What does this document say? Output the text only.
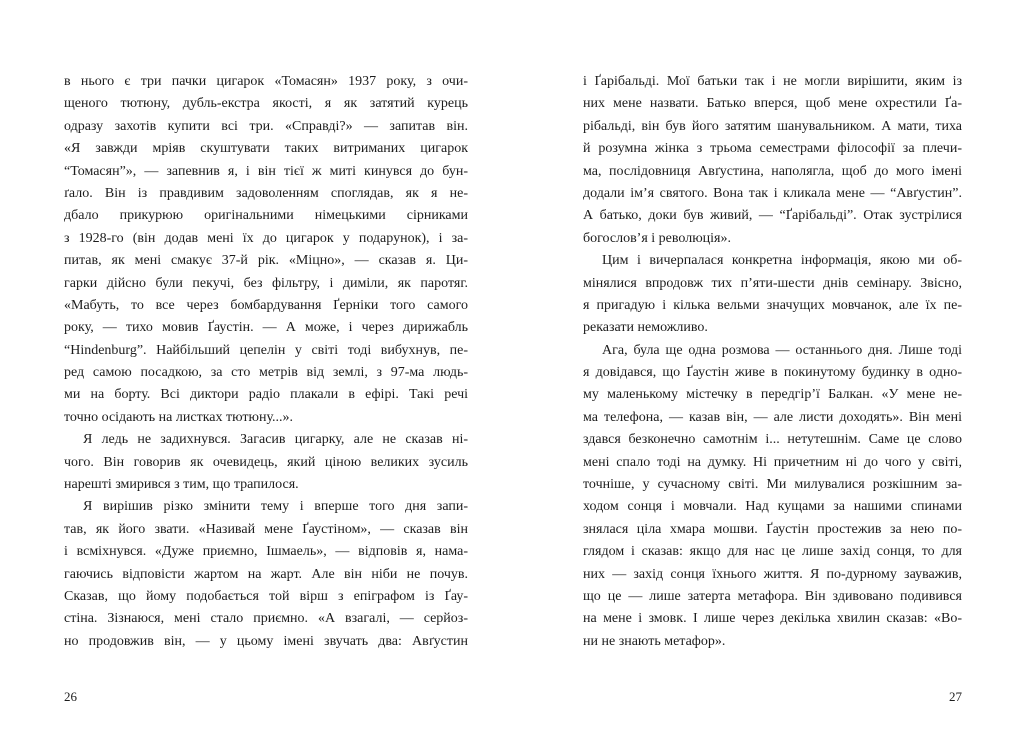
в нього є три пачки цигарок «Томасян» 1937 року, з очи-
щеного тютюну, дубль-екстра якості, я як затятий курець
одразу захотів купити всі три. «Справді?» — запитав він.
«Я завжди мріяв скуштувати таких витриманих цигарок
“Томасян”», — запевнив я, і він тієї ж миті кинувся до бун-
ґало. Він із правдивим задоволенням споглядав, як я не-
дбало прикурюю оригінальними німецькими сірниками
з 1928-го (він додав мені їх до цигарок у подарунок), і за-
питав, як мені смакує 37-й рік. «Міцно», — сказав я. Ци-
гарки дійсно були пекучі, без фільтру, і диміли, як паротяг.
«Мабуть, то все через бомбардування Ґерніки того самого
року, — тихо мовив Ґаустін. — А може, і через дирижабль
“Hindenburg”. Найбільший цепелін у світі тоді вибухнув, пе-
ред самою посадкою, за сто метрів від землі, з 97-ма людь-
ми на борту. Всі диктори радіо плакали в ефірі. Такі речі
точно осідають на листках тютюну...».
Я ледь не задихнувся. Загасив цигарку, але не сказав ні-
чого. Він говорив як очевидець, який ціною великих зусиль
нарешті змирився з тим, що трапилося.
Я вирішив різко змінити тему і вперше того дня запи-
тав, як його звати. «Називай мене Ґаустіном», — сказав він
і всміхнувся. «Дуже приємно, Ішмаель», — відповів я, нама-
гаючись відповісти жартом на жарт. Але він ніби не почув.
Сказав, що йому подобається той вірш з епіграфом із Ґау-
стіна. Зізнаюся, мені стало приємно. «А взагалі, — серйоз-
но продовжив він, — у цьому імені звучать два: Авґустин
і Ґарібальді. Мої батьки так і не могли вирішити, яким із
них мене назвати. Батько вперся, щоб мене охрестили Ґа-
рібальді, він був його затятим шанувальником. А мати, тиха
й розумна жінка з трьома семестрами філософії за плечи-
ма, послідовниця Авґустина, наполягла, щоб до мого імені
додали ім’я святого. Вона так і кликала мене — “Авґустин”.
А батько, доки був живий, — “Ґарібальді”. Отак зустрілися
богослов’я і революція».
Цим і вичерпалася конкретна інформація, якою ми об-
мінялися впродовж тих п’яти-шести днів семінару. Звісно,
я пригадую і кілька вельми значущих мовчанок, але їх пе-
реказати неможливо.
Ага, була ще одна розмова — останнього дня. Лише тоді
я довідався, що Ґаустін живе в покинутому будинку в одно-
му маленькому містечку в передгір’ї Балкан. «У мене не-
ма телефона, — казав він, — але листи доходять». Він мені
здався безконечно самотнім і... нетутешнім. Саме це слово
мені спало тоді на думку. Ні причетним ні до чого у світі,
точніше, у сучасному світі. Ми милувалися розкішним за-
ходом сонця і мовчали. Над кущами за нашими спинами
знялася ціла хмара мошви. Ґаустін простежив за нею по-
глядом і сказав: якщо для нас це лише захід сонця, то для
них — захід сонця їхнього життя. Я по-дурному зауважив,
що це — лише затерта метафора. Він здивовано подивився
на мене і змовк. І лише через декілька хвилин сказав: «Во-
ни не знають метафор».
26	27
